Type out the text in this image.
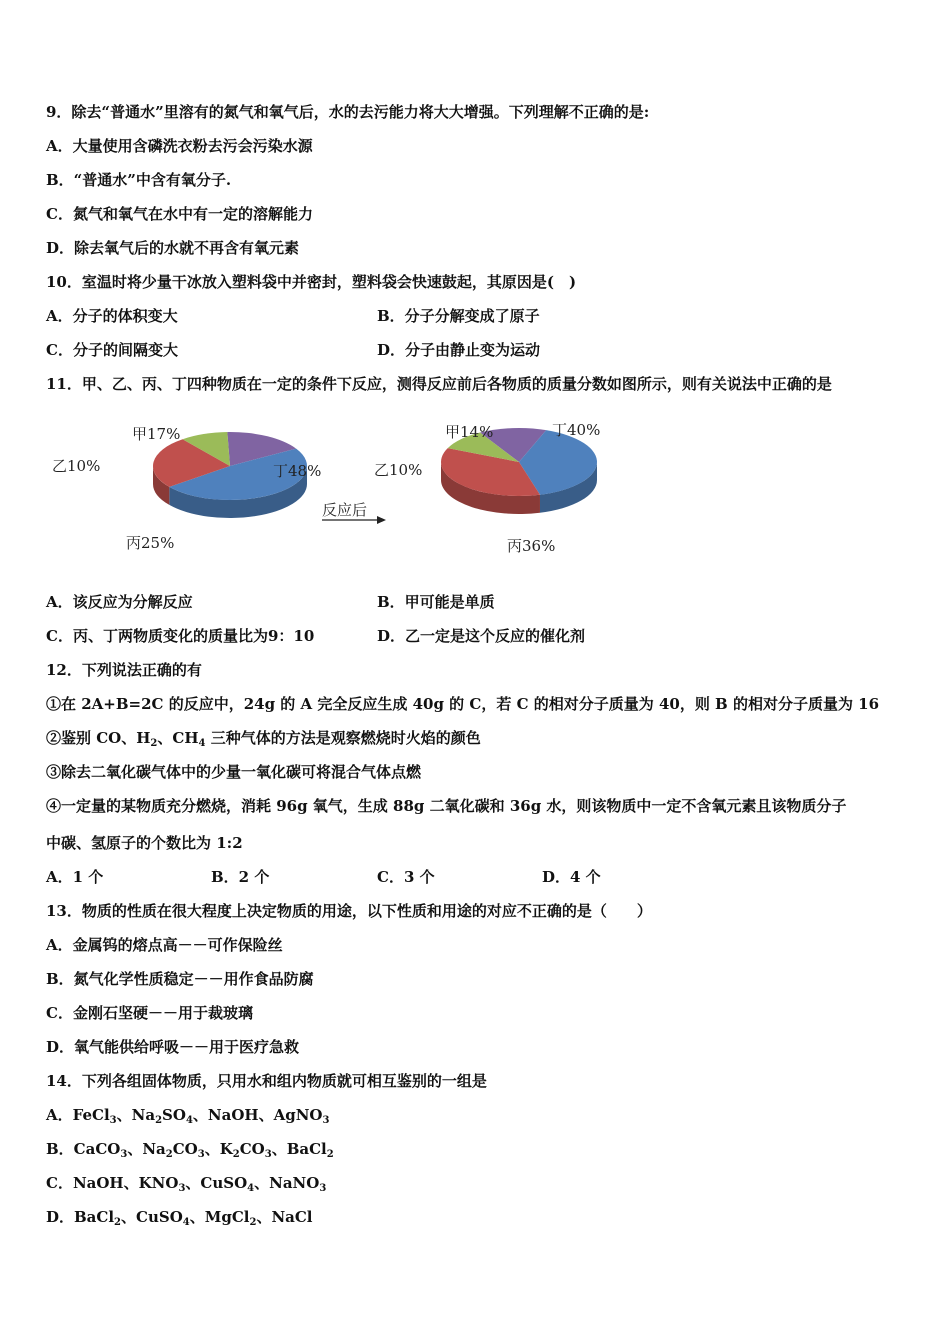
9．除去“普通水”里溶有的氮气和氧气后，水的去污能力将大大增强。下列理解不正确的是:
A．大量使用含磷洗衣粉去污会污染水源
B．“普通水”中含有氧分子.
C．氮气和氧气在水中有一定的溶解能力
D．除去氧气后的水就不再含有氧元素
10．室温时将少量干冰放入塑料袋中并密封，塑料袋会快速鼓起，其原因是(　)
A．分子的体积变大	B．分子分解变成了原子
C．分子的间隔变大	D．分子由静止变为运动
11．甲、乙、丙、丁四种物质在一定的条件下反应，测得反应前后各物质的质量分数如图所示，则有关说法中正确的是
甲17%
丁48%
丙25%
乙10%
反应后
甲14%	丁40%
丙36%
乙10%
A．该反应为分解反应	B．甲可能是单质
C．丙、丁两物质变化的质量比为9：10	D．乙一定是这个反应的催化剂
12．下列说法正确的有
①在 2A+B=2C 的反应中，24g 的 A 完全反应生成 40g 的 C，若 C 的相对分子质量为 40，则 B 的相对分子质量为 16
②鉴别 CO、$H_2$、$CH_4$ 三种气体的方法是观察燃烧时火焰的颜色
③除去二氧化碳气体中的少量一氧化碳可将混合气体点燃
④一定量的某物质充分燃烧，消耗 96g 氧气，生成 88g 二氧化碳和 36g 水，则该物质中一定不含氧元素且该物质分子
中碳、氢原子的个数比为 1:2
A．1 个	B．2 个	C．3 个	D．4 个
13．物质的性质在很大程度上决定物质的用途，以下性质和用途的对应不正确的是（　　）
A．金属钨的熔点高－－可作保险丝
B．氮气化学性质稳定－－用作食品防腐
C．金刚石坚硬－－用于裁玻璃
D．氧气能供给呼吸－－用于医疗急救
14．下列各组固体物质，只用水和组内物质就可相互鉴别的一组是
A．FeCl$_3$、$Na_2SO_4$、NaOH、AgNO$_3$
B．CaCO$_3$、$Na_2CO_3$、$K_2CO_3$、BaCl$_2$
C．NaOH、$KNO_3$、CuSO$_4$、NaNO$_3$
D．BaCl$_2$、CuSO$_4$、MgCl$_2$、NaCl
